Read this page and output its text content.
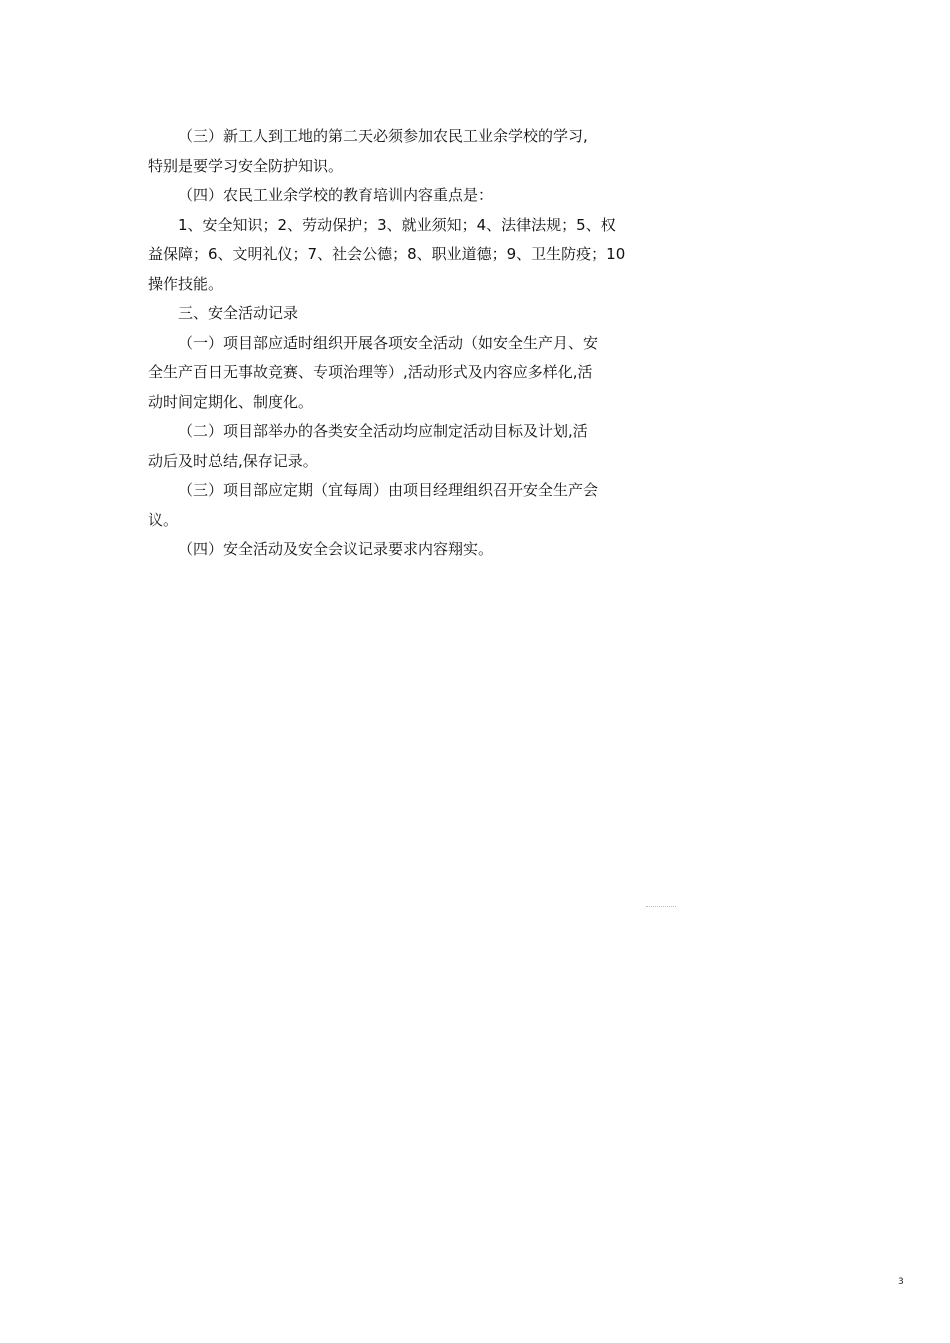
（三）新工人到工地的第二天必须参加农民工业余学校的学习,
特别是要学习安全防护知识。
（四）农民工业余学校的教育培训内容重点是：
1、安全知识；2、劳动保护；3、就业须知；4、法律法规；5、权
益保障；6、文明礼仪；7、社会公德；8、职业道德；9、卫生防疫；10
操作技能。
三、安全活动记录
（一）项目部应适时组织开展各项安全活动（如安全生产月、安
全生产百日无事故竞赛、专项治理等）,活动形式及内容应多样化,活
动时间定期化、制度化。
（二）项目部举办的各类安全活动均应制定活动目标及计划,活
动后及时总结,保存记录。
（三）项目部应定期（宜每周）由项目经理组织召开安全生产会
议。
（四）安全活动及安全会议记录要求内容翔实。
3
